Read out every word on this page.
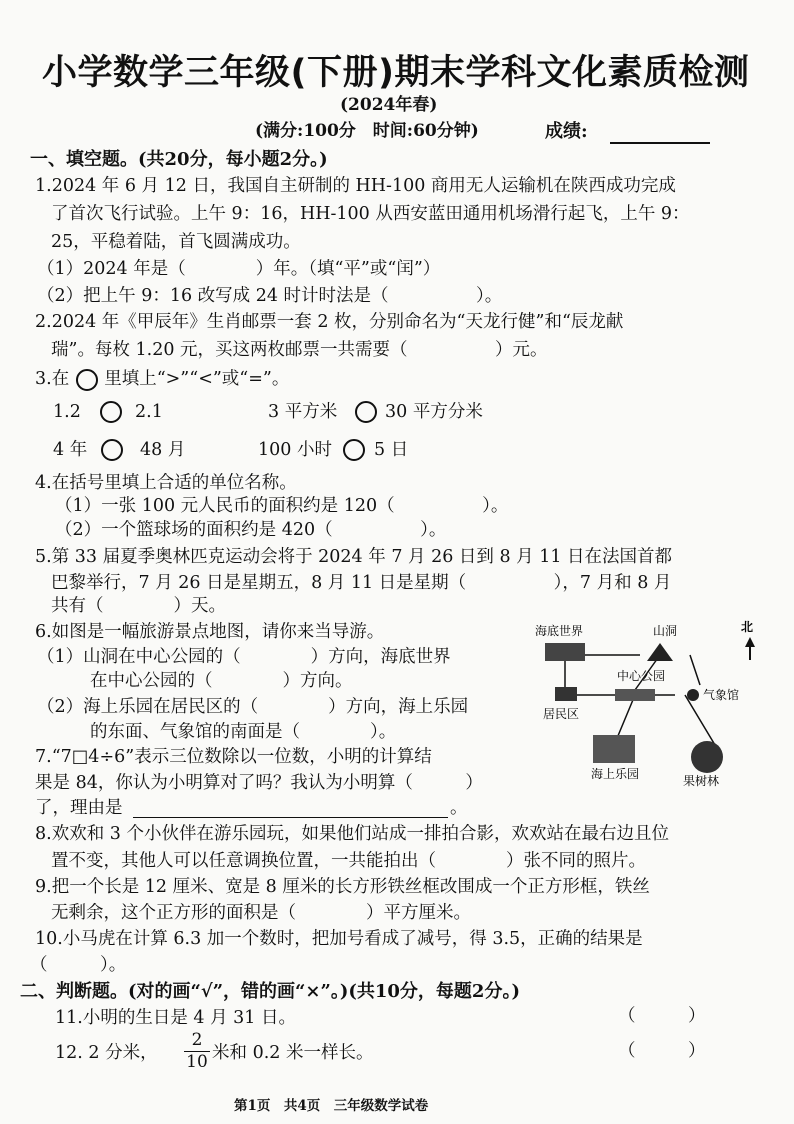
小学数学三年级(下册)期末学科文化素质检测
(2024年春)
(满分:100分　时间:60分钟)	成绩:
一、填空题。(共20分，每小题2分。)
1.2024 年 6 月 12 日，我国自主研制的 HH-100 商用无人运输机在陕西成功完成
了首次飞行试验。上午 9：16，HH-100 从西安蓝田通用机场滑行起飞，上午 9：
25，平稳着陆，首飞圆满成功。
（1）2024 年是（　　　　）年。（填“平”或“闰”）
（2）把上午 9：16 改写成 24 时计时法是（　　　　　）。
2.2024 年《甲辰年》生肖邮票一套 2 枚，分别命名为“天龙行健”和“辰龙献
瑞”。每枚 1.20 元，买这两枚邮票一共需要（　　　　　）元。
3.在　　里填上“>”“<”或“=”。
1.2	2.1	3 平方米	30 平方分米
4 年	48 月	100 小时 5 日
4.在括号里填上合适的单位名称。
（1）一张 100 元人民币的面积约是 120（　　　　　）。
（2）一个篮球场的面积约是 420（　　　　　）。
5.第 33 届夏季奥林匹克运动会将于 2024 年 7 月 26 日到 8 月 11 日在法国首都
巴黎举行，7 月 26 日是星期五，8 月 11 日是星期（　　　　　），7 月和 8 月
共有（　　　　）天。
6.如图是一幅旅游景点地图，请你来当导游。
（1）山洞在中心公园的（　　　　）方向，海底世界
在中心公园的（　　　　）方向。
（2）海上乐园在居民区的（　　　　）方向，海上乐园
的东面、气象馆的南面是（　　　　）。
7.“7□4÷6”表示三位数除以一位数，小明的计算结
果是 84，你认为小明算对了吗？我认为小明算（　　　）
了，理由是	。
8.欢欢和 3 个小伙伴在游乐园玩，如果他们站成一排拍合影，欢欢站在最右边且位
置不变，其他人可以任意调换位置，一共能拍出（　　　　）张不同的照片。
9.把一个长是 12 厘米、宽是 8 厘米的长方形铁丝框改围成一个正方形框，铁丝
无剩余，这个正方形的面积是（　　　　）平方厘米。
10.小马虎在计算 6.3 加一个数时，把加号看成了减号，得 3.5，正确的结果是
（　　　）。
海底世界	山洞	北
中心公园
气象馆
居民区
海上乐园	果树林
二、判断题。(对的画“√”，错的画“×”。)(共10分，每题2分。)
11.小明的生日是 4 月 31 日。	（　　　）
12. 2 分米，
2
10 米和 0.2 米一样长。	（　　　）
第1页　共4页　三年级数学试卷
